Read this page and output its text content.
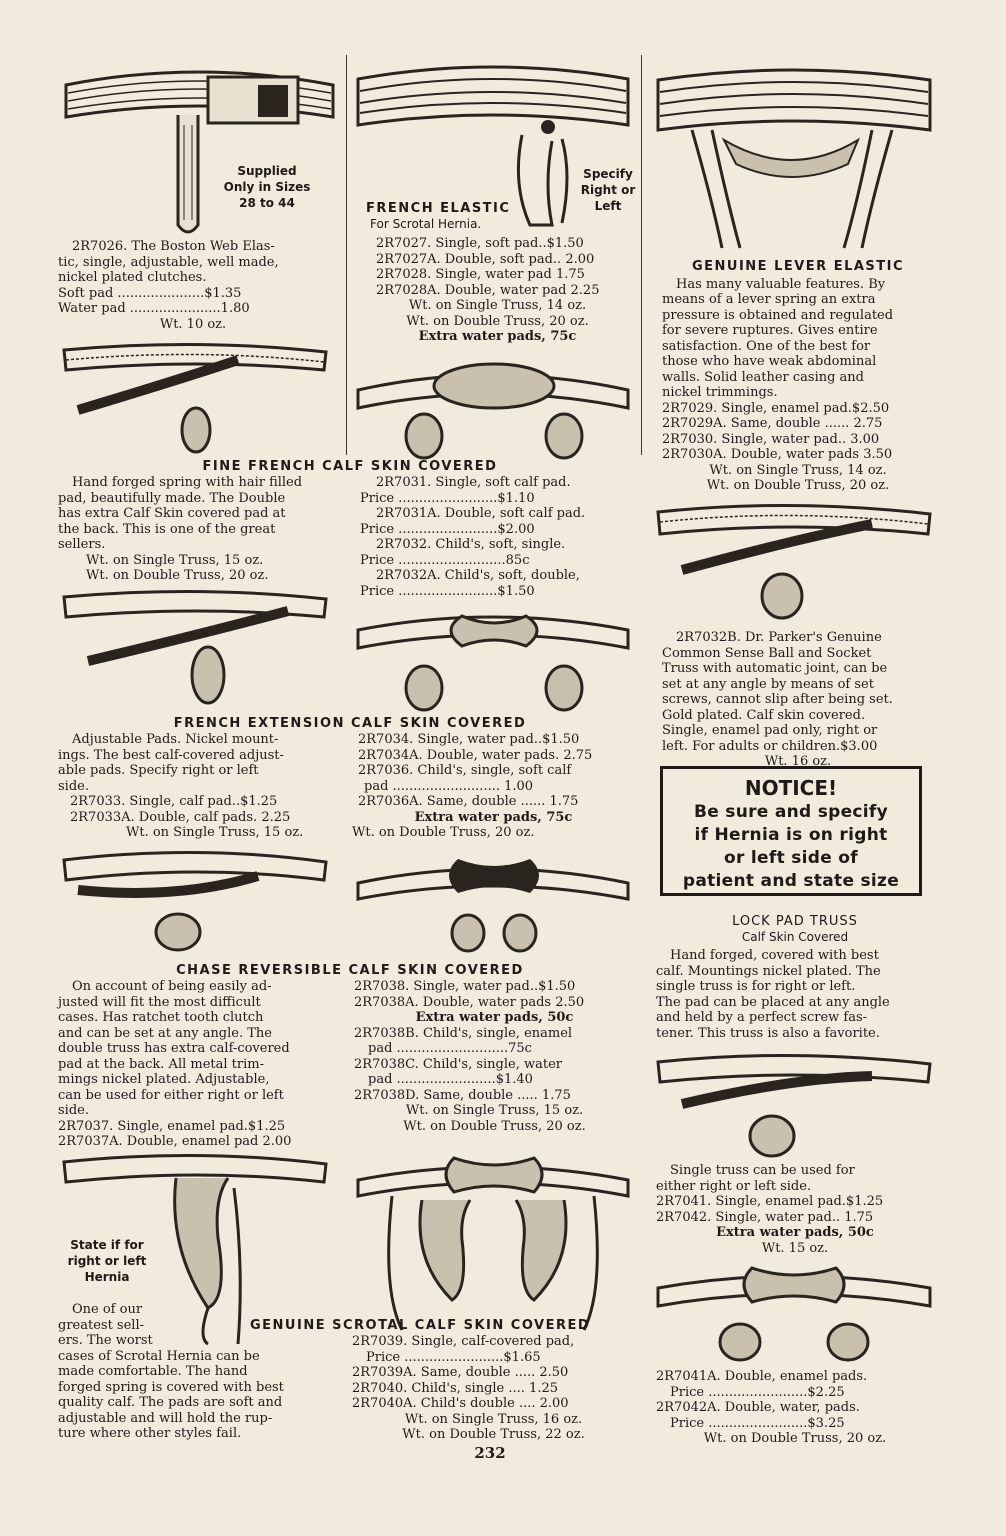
Supplied
Only in Sizes
28 to 44

2R7026. The Boston Web Elas-

tic, single, adjustable, well made,

nickel plated clutches.

Soft pad .....................$1.35

Water pad ......................1.80

Wt. 10 oz.

Specify
Right or
Left

FRENCH ELASTIC

For Scrotal Hernia.

2R7027. Single, soft pad..$1.50

2R7027A. Double, soft pad.. 2.00

2R7028. Single, water pad 1.75

2R7028A. Double, water pad 2.25

Wt. on Single Truss, 14 oz.

Wt. on Double Truss, 20 oz.

Extra water pads, 75c

GENUINE LEVER ELASTIC

Has many valuable features. By

means of a lever spring an extra

pressure is obtained and regulated

for severe ruptures. Gives entire

satisfaction. One of the best for

those who have weak abdominal

walls. Solid leather casing and

nickel trimmings.

2R7029. Single, enamel pad.$2.50

2R7029A. Same, double ...... 2.75

2R7030. Single, water pad.. 3.00

2R7030A. Double, water pads 3.50

Wt. on Single Truss, 14 oz.

Wt. on Double Truss, 20 oz.

FINE FRENCH CALF SKIN COVERED

Hand forged spring with hair filled

pad, beautifully made. The Double

has extra Calf Skin covered pad at

the back. This is one of the great

sellers.

Wt. on Single Truss, 15 oz.

Wt. on Double Truss, 20 oz.

2R7031. Single, soft calf pad.

Price ........................$1.10

2R7031A. Double, soft calf pad.

Price ........................$2.00

2R7032. Child's, soft, single.

Price ..........................85c

2R7032A. Child's, soft, double,

Price ........................$1.50

2R7032B. Dr. Parker's Genuine

Common Sense Ball and Socket

Truss with automatic joint, can be

set at any angle by means of set

screws, cannot slip after being set.

Gold plated. Calf skin covered.

Single, enamel pad only, right or

left. For adults or children.$3.00

Wt. 16 oz.

NOTICE!
Be sure and specify
if Hernia is on right
or left side of
patient and state size
FRENCH EXTENSION CALF SKIN COVERED

Adjustable Pads. Nickel mount-

ings. The best calf-covered adjust-

able pads. Specify right or left

side.

2R7033. Single, calf pad..$1.25

2R7033A. Double, calf pads. 2.25

Wt. on Single Truss, 15 oz.

2R7034. Single, water pad..$1.50

2R7034A. Double, water pads. 2.75

2R7036. Child's, single, soft calf

pad .......................... 1.00

2R7036A. Same, double ...... 1.75

Extra water pads, 75c

Wt. on Double Truss, 20 oz.

LOCK PAD TRUSS

Calf Skin Covered

Hand forged, covered with best

calf. Mountings nickel plated. The

single truss is for right or left.

The pad can be placed at any angle

and held by a perfect screw fas-

tener. This truss is also a favorite.

Single truss can be used for

either right or left side.

2R7041. Single, enamel pad.$1.25

2R7042. Single, water pad.. 1.75

Extra water pads, 50c

Wt. 15 oz.

2R7041A. Double, enamel pads.

Price ........................$2.25

2R7042A. Double, water, pads.

Price ........................$3.25

Wt. on Double Truss, 20 oz.

CHASE REVERSIBLE CALF SKIN COVERED

On account of being easily ad-

justed will fit the most difficult

cases. Has ratchet tooth clutch

and can be set at any angle. The

double truss has extra calf-covered

pad at the back. All metal trim-

mings nickel plated. Adjustable,

can be used for either right or left

side.

2R7037. Single, enamel pad.$1.25

2R7037A. Double, enamel pad 2.00

2R7038. Single, water pad..$1.50

2R7038A. Double, water pads 2.50

Extra water pads, 50c

2R7038B. Child's, single, enamel

pad ...........................75c

2R7038C. Child's, single, water

pad ........................$1.40

2R7038D. Same, double ..... 1.75

Wt. on Single Truss, 15 oz.

Wt. on Double Truss, 20 oz.

State if for
right or left
Hernia

One of our

greatest sell-

ers. The worst

cases of Scrotal Hernia can be

made comfortable. The hand

forged spring is covered with best

quality calf. The pads are soft and

adjustable and will hold the rup-

ture where other styles fail.

GENUINE SCROTAL CALF SKIN COVERED

2R7039. Single, calf-covered pad,

Price ........................$1.65

2R7039A. Same, double ..... 2.50

2R7040. Child's, single .... 1.25

2R7040A. Child's double .... 2.00

Wt. on Single Truss, 16 oz.

Wt. on Double Truss, 22 oz.

232
